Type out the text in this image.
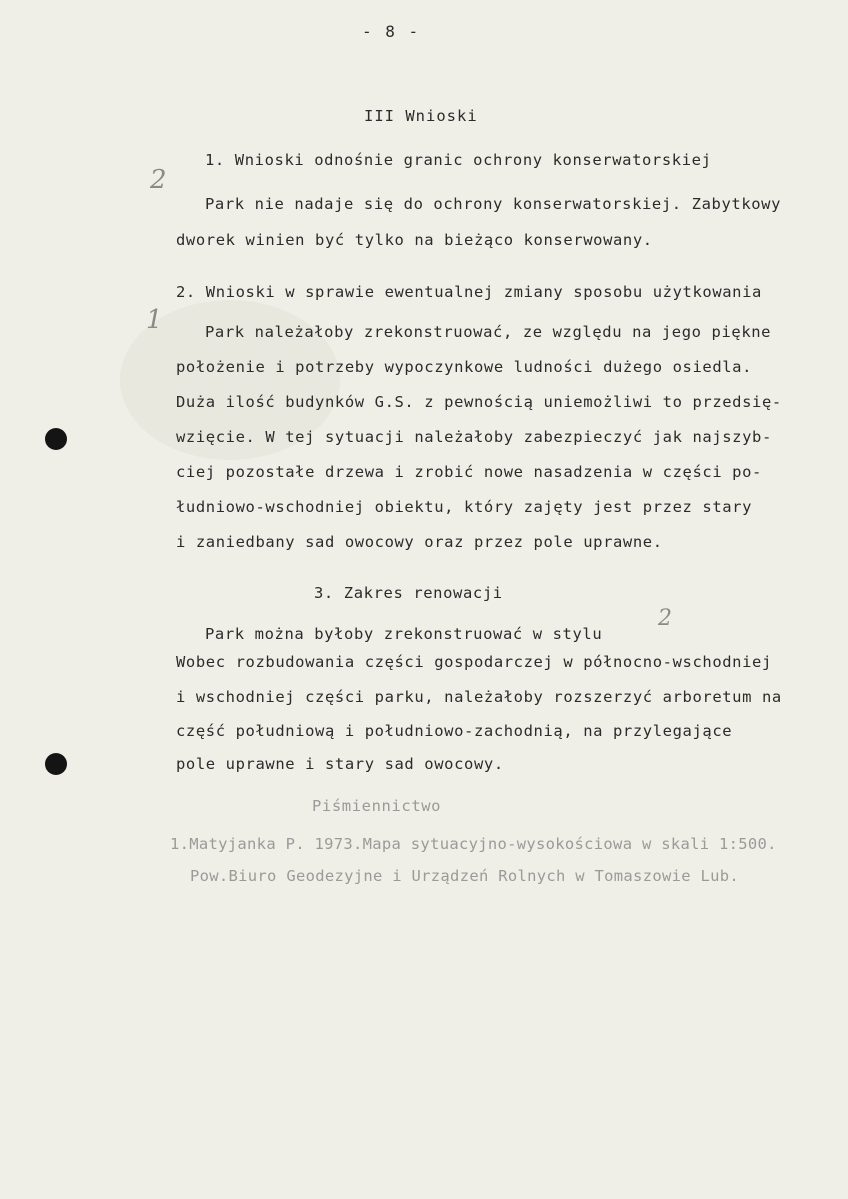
- 8 -
III Wnioski
1. Wnioski odnośnie granic ochrony konserwatorskiej
Park nie nadaje się do ochrony konserwatorskiej. Zabytkowy
dworek winien być tylko na bieżąco konserwowany.
2. Wnioski w sprawie ewentualnej zmiany sposobu użytkowania
Park należałoby zrekonstruować, ze względu na jego piękne
położenie i potrzeby wypoczynkowe ludności dużego osiedla.
Duża ilość budynków G.S. z pewnością uniemożliwi to przedsię-
wzięcie. W tej sytuacji należałoby zabezpieczyć jak najszyb-
ciej pozostałe drzewa i zrobić nowe nasadzenia w części po-
łudniowo-wschodniej obiektu, który zajęty jest przez stary
i zaniedbany sad owocowy oraz przez pole uprawne.
3. Zakres renowacji
Park można byłoby zrekonstruować w stylu
Wobec rozbudowania części gospodarczej w północno-wschodniej
i wschodniej części parku, należałoby rozszerzyć arboretum na
część południową i południowo-zachodnią, na przylegające
pole uprawne i stary sad owocowy.
Piśmiennictwo
1.Matyjanka P. 1973.Mapa sytuacyjno-wysokościowa w skali 1:500.
Pow.Biuro Geodezyjne i Urządzeń Rolnych w Tomaszowie Lub.
2
1
2
